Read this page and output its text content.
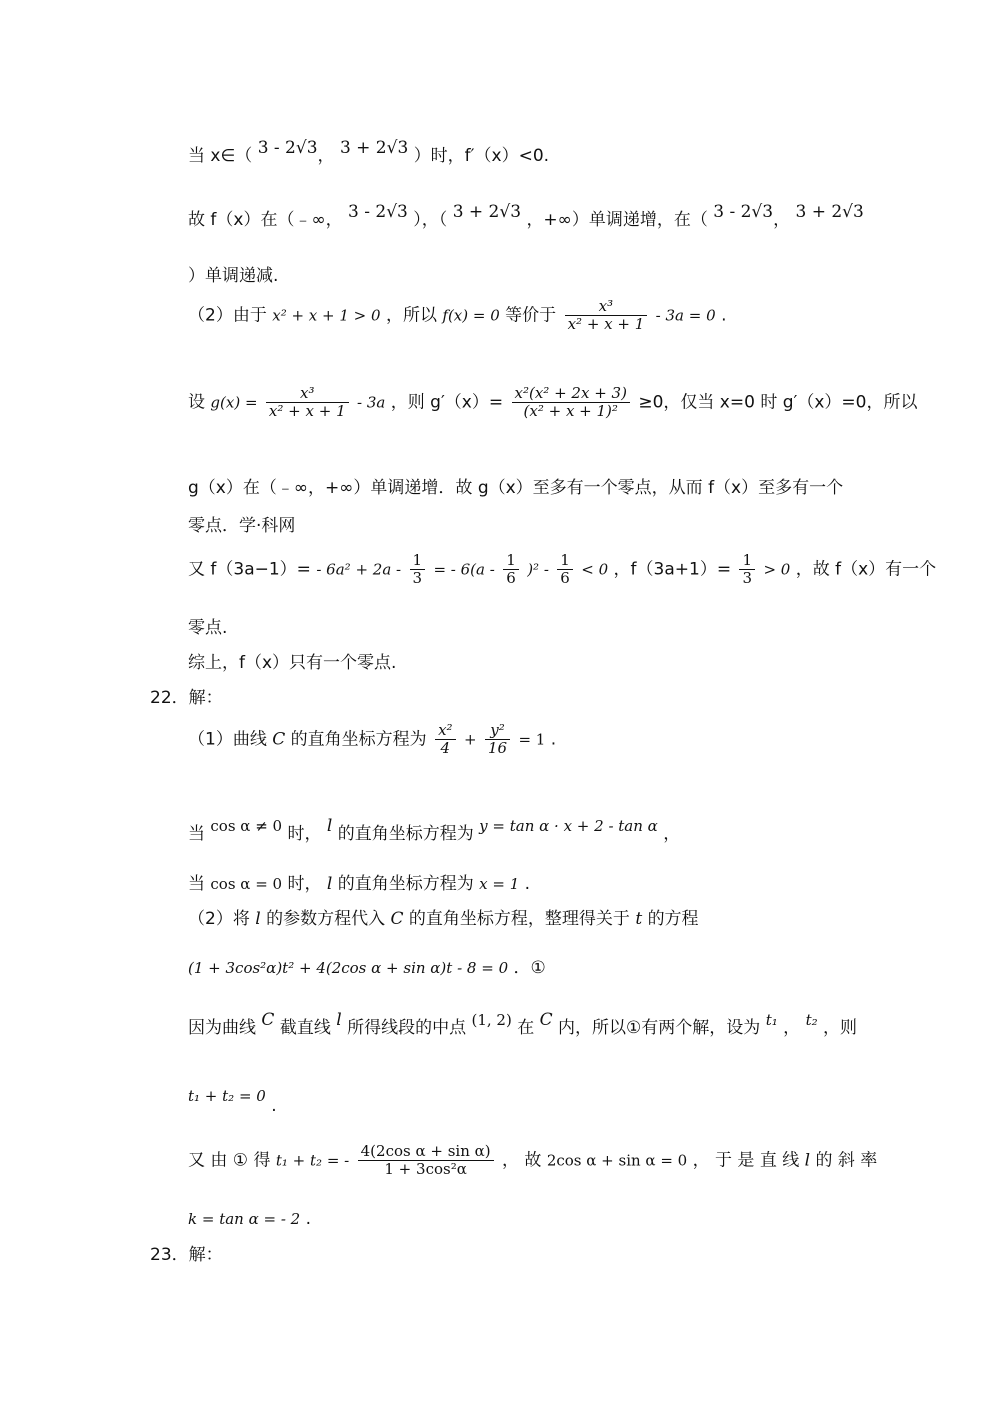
当 x∈（ 3 - 2√3， 3 + 2√3 ）时，f′（x）<0.
故 f（x）在（﹣∞， 3 - 2√3 ），（ 3 + 2√3 ，+∞）单调递增，在（ 3 - 2√3， 3 + 2√3
）单调递减.
（2）由于 x² + x + 1 > 0 ，所以 f(x) = 0 等价于 $\frac{\text{x³}}{\text{x² + x + 1}} - 3a = 0$ .
设 $g(x) = \frac{\text{x³}}{\text{x² + x + 1}} - 3a$ ，则 $g'(x)= \frac{\text{x²(x² + 2x + 3)}}{\text{(x² + x + 1)²}} \ge 0$，仅当 x=0 时 g′（x）=0，所以
g（x）在（﹣∞，+∞）单调递增．故 g（x）至多有一个零点，从而 f（x）至多有一个
零点．学·科网
又 $f(3a-1)= - 6a^2 + 2a - \frac{1}{3}$ = - $6(a - \frac{1}{6} )^2 - \frac{1}{6} < 0$ ，$f(3a+1)= \frac{1}{3} > 0$ ，故 f（x）有一个
零点.
综上，f（x）只有一个零点.
22．解：
（1）曲线 C 的直角坐标方程为 $\frac{\text{x²}}{4} + \frac{\text{y²}}{16} = 1$ .
当 cos α ≠ 0 时， l 的直角坐标方程为 y = tan α · x + 2 - tan α ，
当 cos α = 0 时， l 的直角坐标方程为 x = 1 .
（2）将 l 的参数方程代入 C 的直角坐标方程，整理得关于 t 的方程
(1 + 3cos²α)t² + 4(2cos α + sin α)t - 8 = 0 ．①
因为曲线 C 截直线 l 所得线段的中点 (1, 2) 在 C 内，所以①有两个解，设为 t₁ ， t₂ ，则
t₁ + t₂ = 0 .
又 由 ① 得 t₁ + t₂ = - $\frac{\text{4(2cos α + sin α)}}{\text{1 + 3cos²α}}$ ， 故 2cos α + sin α = 0 ， 于 是 直 线 l 的 斜 率
k = tan α = - 2 .
23．解：
